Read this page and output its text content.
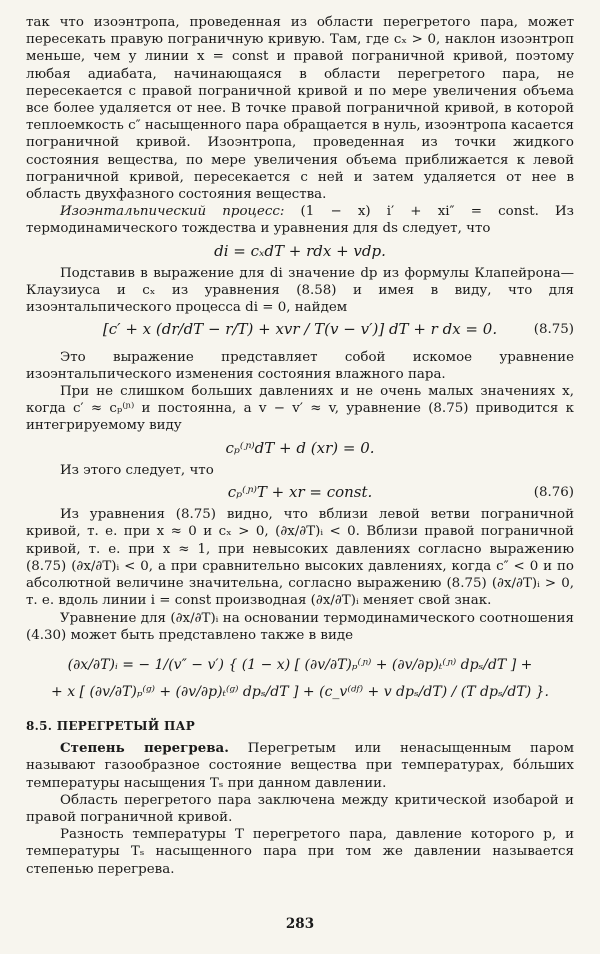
так что изоэнтропа, проведенная из области перегретого пара, может пересекать правую пограничную кривую. Там, где cₓ > 0, наклон изоэнтроп меньше, чем у линии x = const и правой пограничной кривой, поэтому любая адиабата, начинающаяся в области перегретого пара, не пересекается с правой пограничной кривой и по мере увеличения объема все более удаляется от нее. В точке правой пограничной кривой, в которой теплоемкость c″ насыщенного пара обращается в нуль, изоэнтропа касается пограничной кривой. Изоэнтропа, проведенная из точки жидкого состояния вещества, по мере увеличения объема приближается к левой пограничной кривой, пересекается с ней и затем удаляется от нее в область двухфазного состояния вещества.

Изоэнтальпический процесс: (1 − x) i′ + xi″ = const. Из термодинамического тождества и уравнения для ds следует, что

di = cₓdT + rdx + vdp.

Подставив в выражение для di значение dp из формулы Клапейрона—Клаузиуса и cₓ из уравнения (8.58) и имея в виду, что для изоэнтальпического процесса di = 0, найдем

[c′ + x (dr/dT − r/T) + xvr / T(v − v′)] dT + r dx = 0.	(8.75)

Это выражение представляет собой искомое уравнение изоэнтальпического изменения состояния влажного пара.

При не слишком больших давлениях и не очень малых значениях x, когда c′ ≈ cₚ⁽ᶮ⁾ и постоянна, а v − v′ ≈ v, уравнение (8.75) приводится к интегрируемому виду

cₚ⁽ᶮ⁾dT + d (xr) = 0.

Из этого следует, что

cₚ⁽ᶮ⁾T + xr = const.	(8.76)

Из уравнения (8.75) видно, что вблизи левой ветви пограничной кривой, т. е. при x ≈ 0 и cₓ > 0, (∂x/∂T)ᵢ < 0. Вблизи правой пограничной кривой, т. е. при x ≈ 1, при невысоких давлениях согласно выражению (8.75) (∂x/∂T)ᵢ < 0, а при сравнительно высоких давлениях, когда c″ < 0 и по абсолютной величине значительна, согласно выражению (8.75) (∂x/∂T)ᵢ > 0, т. е. вдоль линии i = const производная (∂x/∂T)ᵢ меняет свой знак.

Уравнение для (∂x/∂T)ᵢ на основании термодинамического соотношения (4.30) может быть представлено также в виде

(∂x/∂T)ᵢ = − 1/(v″ − v′) { (1 − x) [ (∂v/∂T)ₚ⁽ᶮ⁾ + (∂v/∂p)ₜ⁽ᶮ⁾ dpₛ/dT ] +

+ x [ (∂v/∂T)ₚ⁽ᵍ⁾ + (∂v/∂p)ₜ⁽ᵍ⁾ dpₛ/dT ] + (c_v⁽ᵈᶠ⁾ + v dpₛ/dT) / (T dpₛ/dT) }.

8.5. ПЕРЕГРЕТЫЙ ПАР

Степень перегрева. Перегретым или ненасыщенным паром называют газообразное состояние вещества при температурах, бо́льших температуры насыщения Tₛ при данном давлении.

Область перегретого пара заключена между критической изобарой и правой пограничной кривой.

Разность температуры T перегретого пара, давление которого p, и температуры Tₛ насыщенного пара при том же давлении называется степенью перегрева.

283
